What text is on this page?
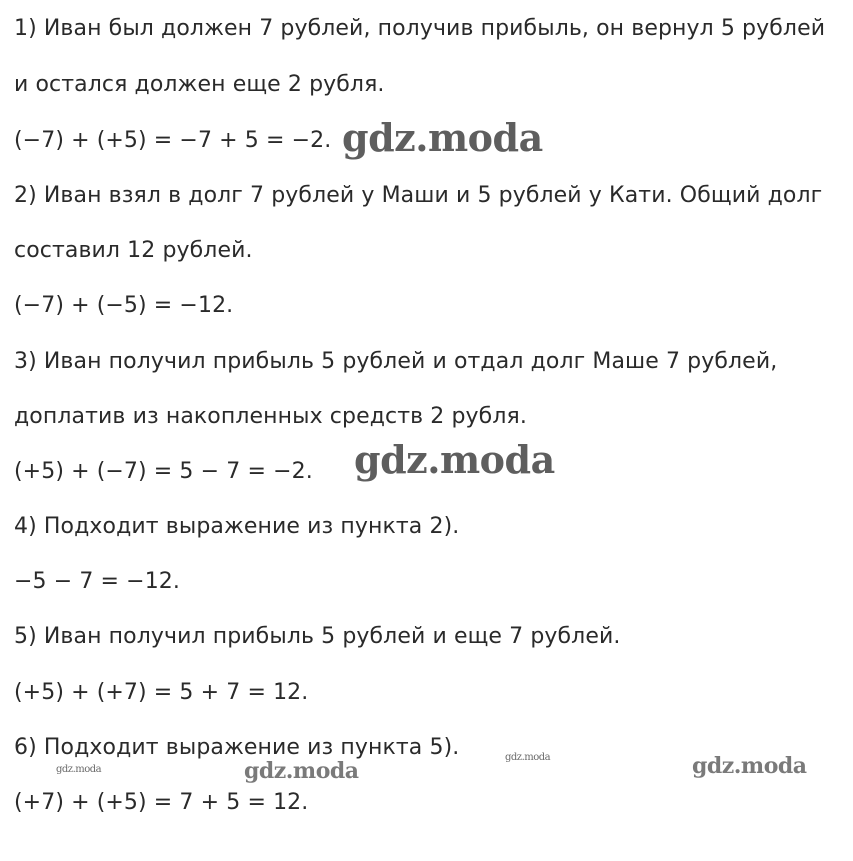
1) Иван был должен 7 рублей, получив прибыль, он вернул 5 рублей
и остался должен еще 2 рубля.
(−7) + (+5) = −7 + 5 = −2.
2) Иван взял в долг 7 рублей у Маши и 5 рублей у Кати. Общий долг
составил 12 рублей.
(−7) + (−5) = −12.
3) Иван получил прибыль 5 рублей и отдал долг Маше 7 рублей,
доплатив из накопленных средств 2 рубля.
(+5) + (−7) = 5 − 7 = −2.
4) Подходит выражение из пункта 2).
−5 − 7 = −12.
5) Иван получил прибыль 5 рублей и еще 7 рублей.
(+5) + (+7) = 5 + 7 = 12.
6) Подходит выражение из пункта 5).
(+7) + (+5) = 7 + 5 = 12.
gdz.moda
gdz.moda
gdz.moda	gdz.moda
gdz.moda	gdz.moda
